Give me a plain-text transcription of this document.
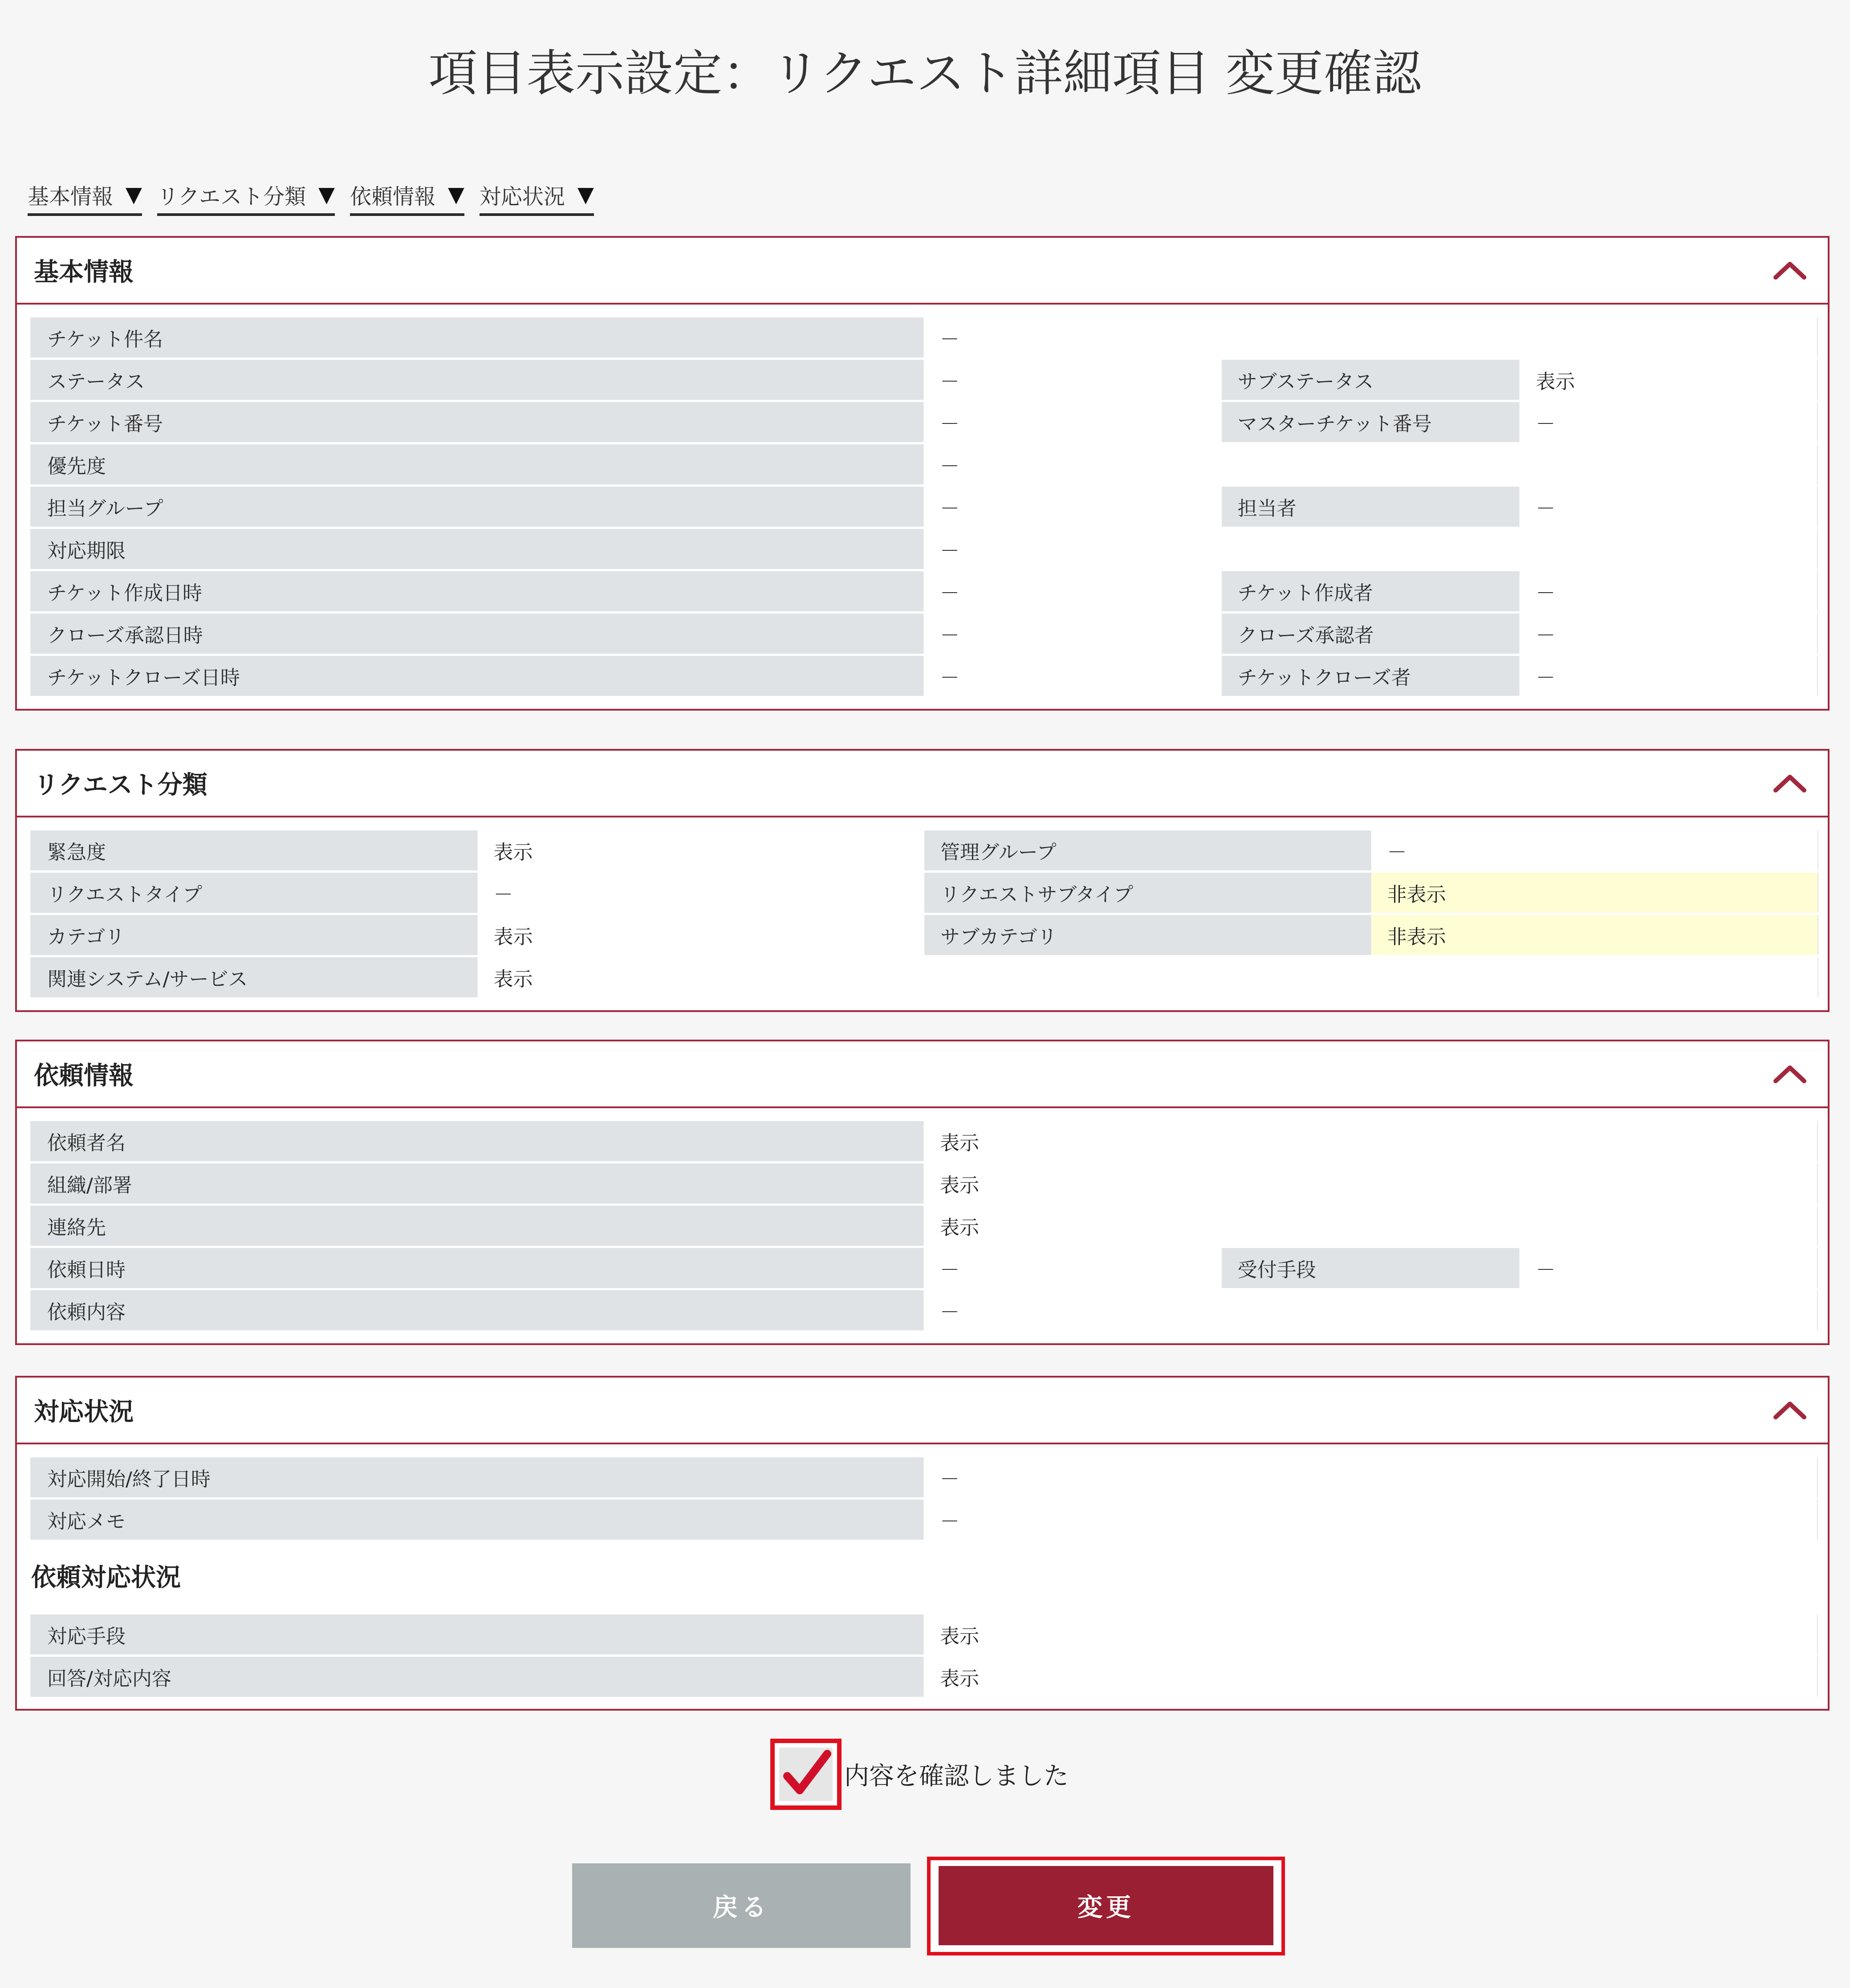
項目表示設定：リクエスト詳細項目 変更確認
基本情報 ▼ リクエスト分類 ▼ 依頼情報 ▼ 対応状況 ▼
基本情報
チケット件名	－		
ステータス	－	サブステータス	表示
チケット番号	－	マスターチケット番号	－
優先度	－		
担当グループ	－	担当者	－
対応期限	－		
チケット作成日時	－	チケット作成者	－
クローズ承認日時	－	クローズ承認者	－
チケットクローズ日時	－	チケットクローズ者	－
リクエスト分類
緊急度	表示	管理グループ	－
リクエストタイプ	－	リクエストサブタイプ	非表示
カテゴリ	表示	サブカテゴリ	非表示
関連システム/サービス	表示		
依頼情報
依頼者名	表示		
組織/部署	表示		
連絡先	表示		
依頼日時	－	受付手段	－
依頼内容	－		
対応状況
対応開始/終了日時	－
対応メモ	－
依頼対応状況
対応手段	表示
回答/対応内容	表示
内容を確認しました
戻る	変更
